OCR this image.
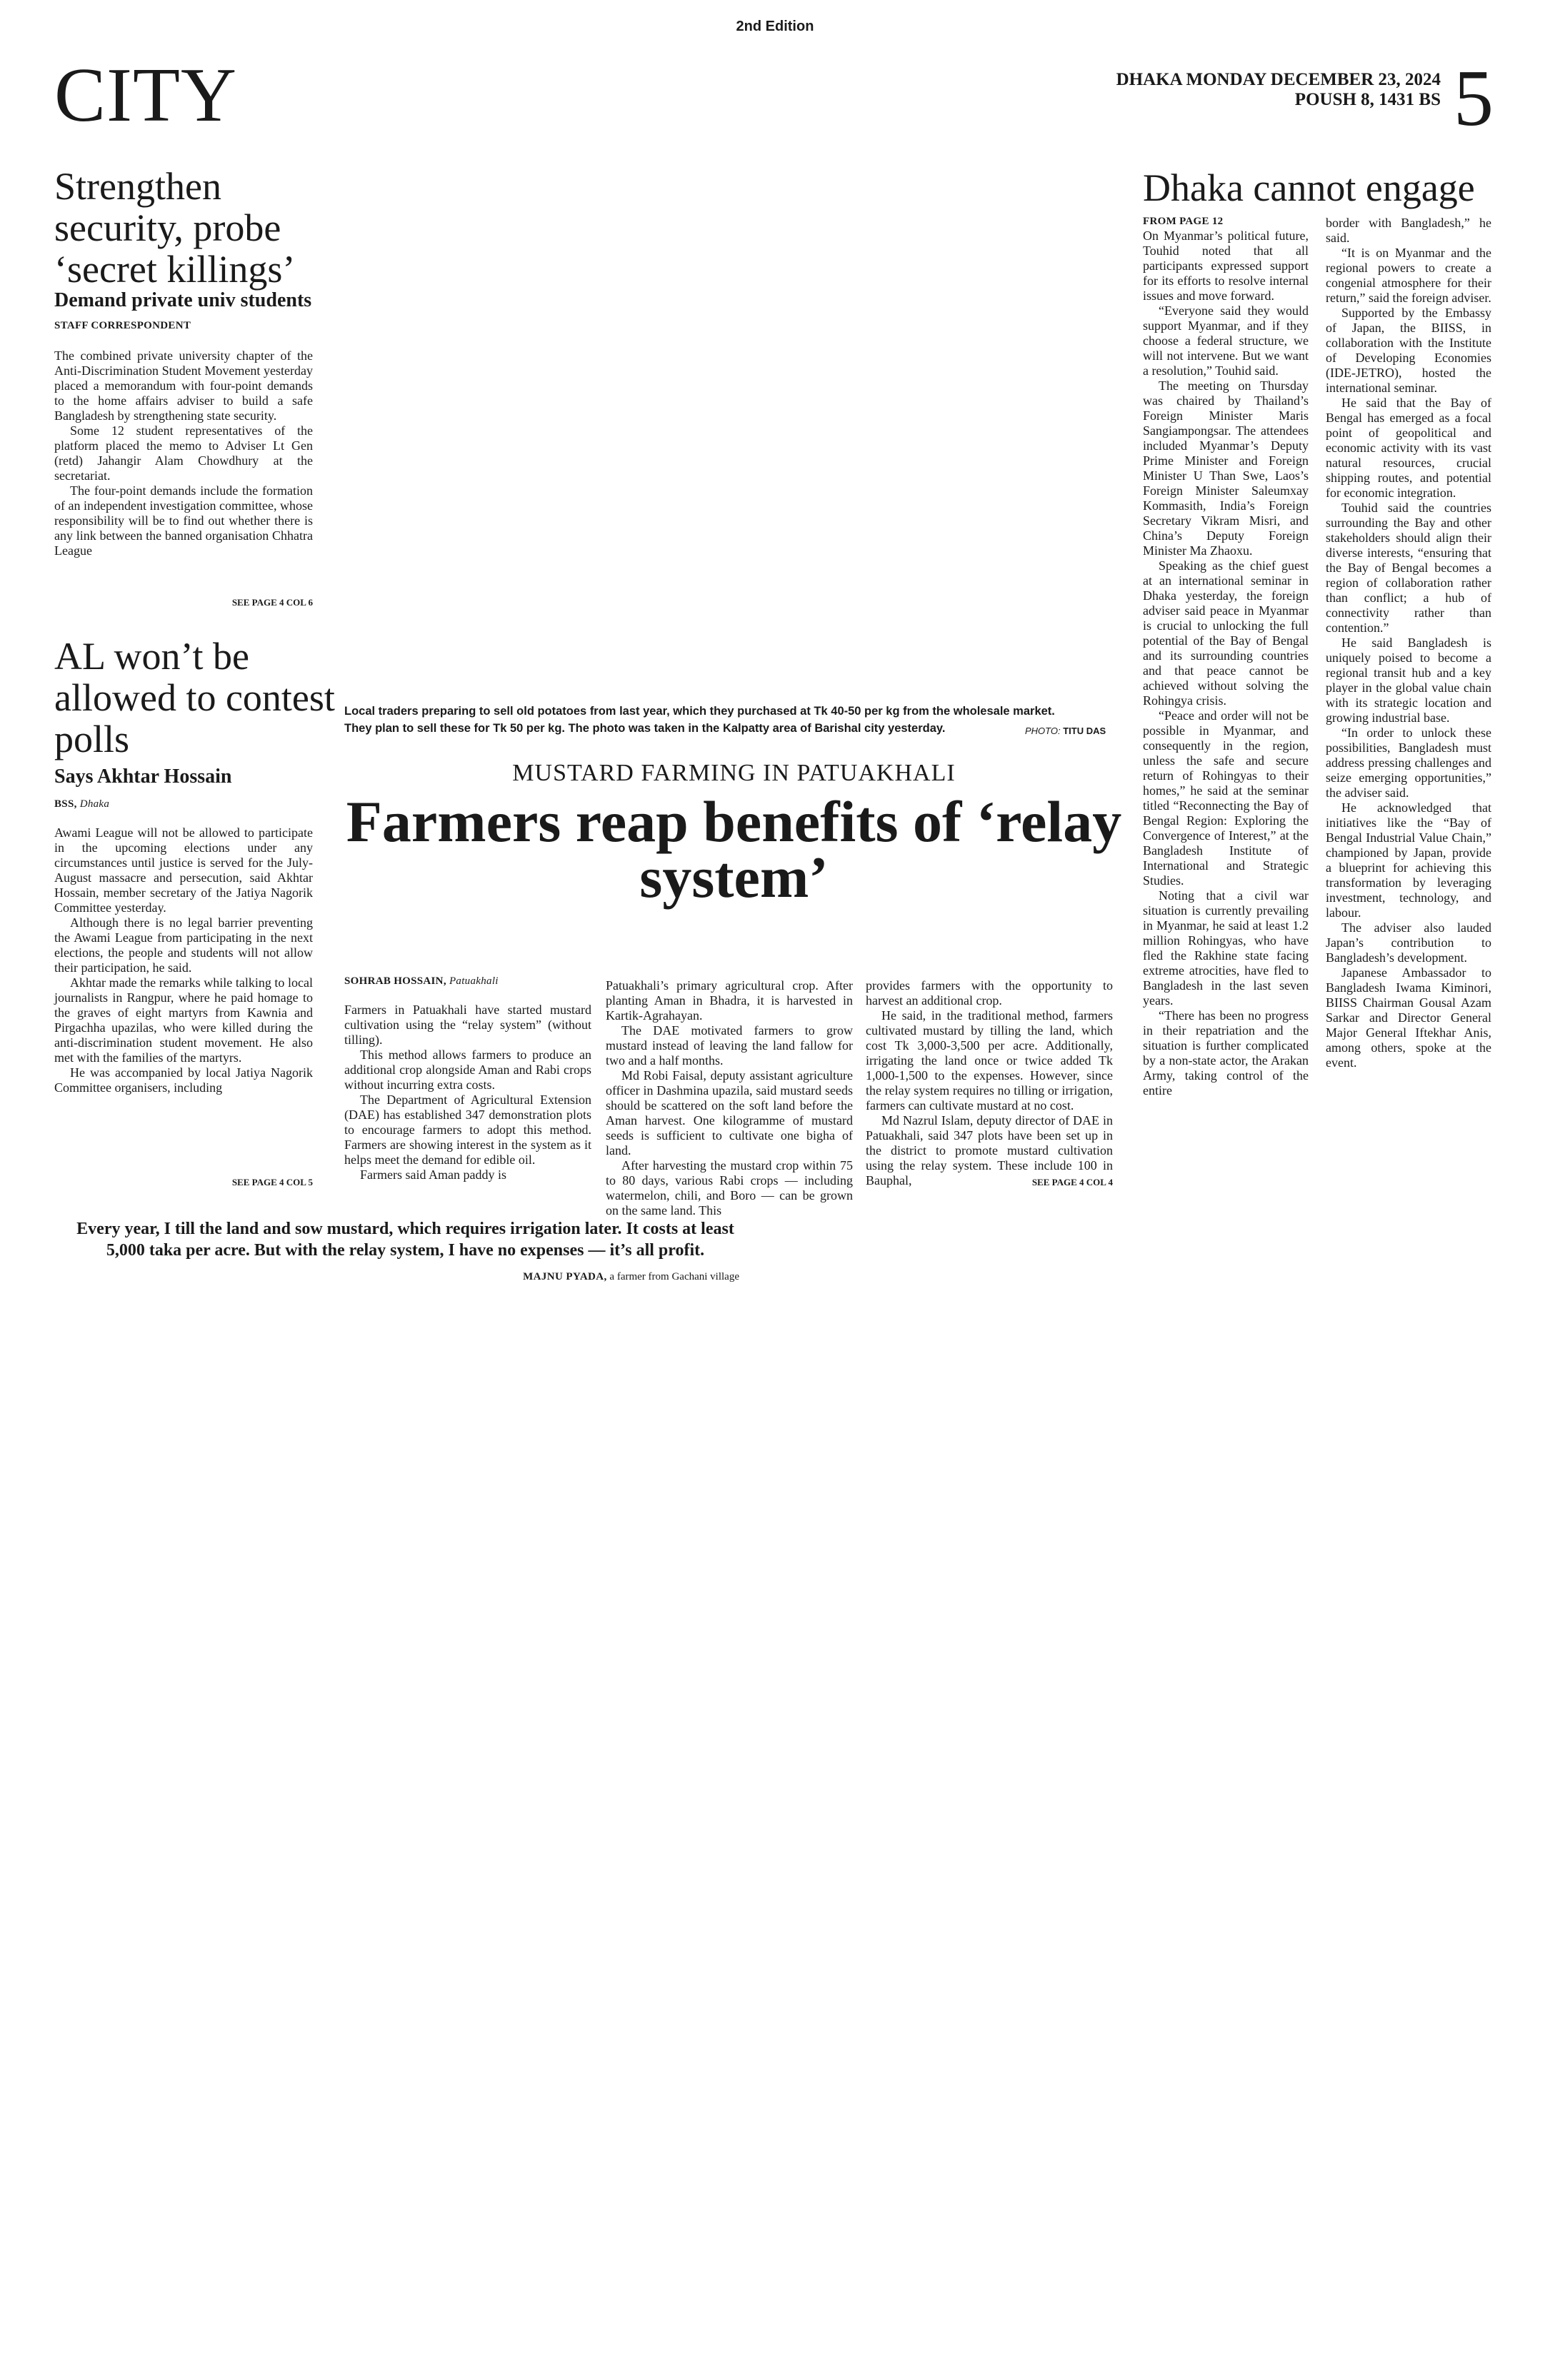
2nd Edition
CITY	DHAKA MONDAY DECEMBER 23, 2024
POUSH 8, 1431 BS 5
Strengthen security, probe ‘secret killings’
Demand private univ students
STAFF CORRESPONDENT

The combined private university chapter of the Anti-Discrimination Student Movement yesterday placed a memorandum with four-point demands to the home affairs adviser to build a safe Bangladesh by strengthening state security.

Some 12 student representatives of the platform placed the memo to Adviser Lt Gen (retd) Jahangir Alam Chowdhury at the secretariat.

The four-point demands include the formation of an independent investigation committee, whose responsibility will be to find out whether there is any link between the banned organisation Chhatra League

SEE PAGE 4 COL 6
AL won’t be allowed to contest polls
Says Akhtar Hossain
BSS, Dhaka

Awami League will not be allowed to participate in the upcoming elections under any circumstances until justice is served for the July-August massacre and persecution, said Akhtar Hossain, member secretary of the Jatiya Nagorik Committee yesterday.

Although there is no legal barrier preventing the Awami League from participating in the next elections, the people and students will not allow their participation, he said.

Akhtar made the remarks while talking to local journalists in Rangpur, where he paid homage to the graves of eight martyrs from Kawnia and Pirgachha upazilas, who were killed during the anti-discrimination student movement. He also met with the families of the martyrs.

He was accompanied by local Jatiya Nagorik Committee organisers, including

SEE PAGE 4 COL 5
Local traders preparing to sell old potatoes from last year, which they purchased at Tk 40-50 per kg from the wholesale market. They plan to sell these for Tk 50 per kg. The photo was taken in the Kalpatty area of Barishal city yesterday.	PHOTO: TITU DAS
MUSTARD FARMING IN PATUAKHALI
Farmers reap benefits of ‘relay system’
SOHRAB HOSSAIN, Patuakhali

Farmers in Patuakhali have started mustard cultivation using the “relay system” (without tilling).

This method allows farmers to produce an additional crop alongside Aman and Rabi crops without incurring extra costs.

The Department of Agricultural Extension (DAE) has established 347 demonstration plots to encourage farmers to adopt this method. Farmers are showing interest in the system as it helps meet the demand for edible oil.

Farmers said Aman paddy is

Patuakhali’s primary agricultural crop. After planting Aman in Bhadra, it is harvested in Kartik-Agrahayan.

The DAE motivated farmers to grow mustard instead of leaving the land fallow for two and a half months.

Md Robi Faisal, deputy assistant agriculture officer in Dashmina upazila, said mustard seeds should be scattered on the soft land before the Aman harvest. One kilogramme of mustard seeds is sufficient to cultivate one bigha of land.

After harvesting the mustard crop within 75 to 80 days, various Rabi crops — including watermelon, chili, and Boro — can be grown on the same land. This

provides farmers with the opportunity to harvest an additional crop.

He said, in the traditional method, farmers cultivated mustard by tilling the land, which cost Tk 3,000-3,500 per acre. Additionally, irrigating the land once or twice added Tk 1,000-1,500 to the expenses. However, since the relay system requires no tilling or irrigation, farmers can cultivate mustard at no cost.

Md Nazrul Islam, deputy director of DAE in Patuakhali, said 347 plots have been set up in the district to promote mustard cultivation using the relay system. These include 100 in Bauphal,	SEE PAGE 4 COL 4
Every year, I till the land and sow mustard, which requires irrigation later. It costs at least 5,000 taka per acre. But with the relay system, I have no expenses — it’s all profit.
MAJNU PYADA, a farmer from Gachani village
Dhaka cannot engage
FROM PAGE 12

On Myanmar’s political future, Touhid noted that all participants expressed support for its efforts to resolve internal issues and move forward.

“Everyone said they would support Myanmar, and if they choose a federal structure, we will not intervene. But we want a resolution,” Touhid said.

The meeting on Thursday was chaired by Thailand’s Foreign Minister Maris Sangiampongsar. The attendees included Myanmar’s Deputy Prime Minister and Foreign Minister U Than Swe, Laos’s Foreign Minister Saleumxay Kommasith, India’s Foreign Secretary Vikram Misri, and China’s Deputy Foreign Minister Ma Zhaoxu.

Speaking as the chief guest at an international seminar in Dhaka yesterday, the foreign adviser said peace in Myanmar is crucial to unlocking the full potential of the Bay of Bengal and its surrounding countries and that peace cannot be achieved without solving the Rohingya crisis.

“Peace and order will not be possible in Myanmar, and consequently in the region, unless the safe and secure return of Rohingyas to their homes,” he said at the seminar titled “Reconnecting the Bay of Bengal Region: Exploring the Convergence of Interest,” at the Bangladesh Institute of International and Strategic Studies.

Noting that a civil war situation is currently prevailing in Myanmar, he said at least 1.2 million Rohingyas, who have fled the Rakhine state facing extreme atrocities, have fled to Bangladesh in the last seven years.

“There has been no progress in their repatriation and the situation is further complicated by a non-state actor, the Arakan Army, taking control of the entire

border with Bangladesh,” he said.

“It is on Myanmar and the regional powers to create a congenial atmosphere for their return,” said the foreign adviser.

Supported by the Embassy of Japan, the BIISS, in collaboration with the Institute of Developing Economies (IDE-JETRO), hosted the international seminar.

He said that the Bay of Bengal has emerged as a focal point of geopolitical and economic activity with its vast natural resources, crucial shipping routes, and potential for economic integration.

Touhid said the countries surrounding the Bay and other stakeholders should align their diverse interests, “ensuring that the Bay of Bengal becomes a region of collaboration rather than conflict; a hub of connectivity rather than contention.”

He said Bangladesh is uniquely poised to become a regional transit hub and a key player in the global value chain with its strategic location and growing industrial base.

“In order to unlock these possibilities, Bangladesh must address pressing challenges and seize emerging opportunities,” the adviser said.

He acknowledged that initiatives like the “Bay of Bengal Industrial Value Chain,” championed by Japan, provide a blueprint for achieving this transformation by leveraging investment, technology, and labour.

The adviser also lauded Japan’s contribution to Bangladesh’s development.

Japanese Ambassador to Bangladesh Iwama Kiminori, BIISS Chairman Gousal Azam Sarkar and Director General Major General Iftekhar Anis, among others, spoke at the event.
